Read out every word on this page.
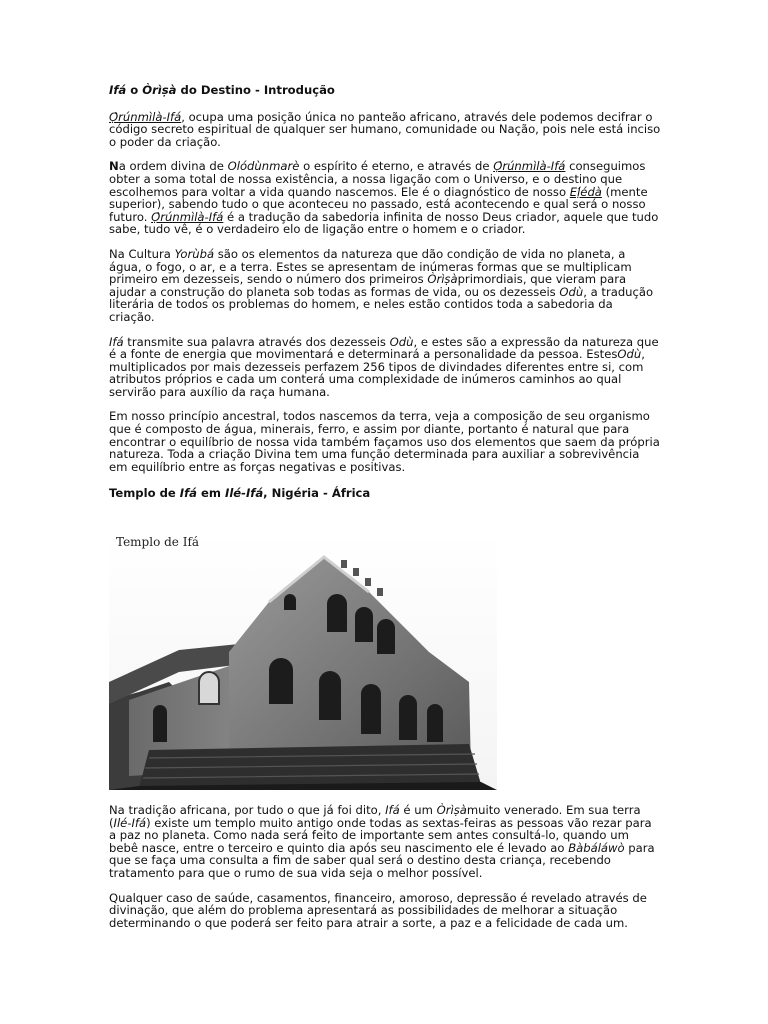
Ifá o Òrìṣà do Destino - Introdução

Ọ̀rúnmìlà-Ifá, ocupa uma posição única no panteão africano, através dele podemos decifrar o código secreto espiritual de qualquer ser humano, comunidade ou Nação, pois nele está inciso o poder da criação.

Na ordem divina de Olódùnmarè o espírito é eterno, e através de Ọ̀rúnmìlà-Ifá conseguimos obter a soma total de nossa existência, a nossa ligação com o Universo, e o destino que escolhemos para voltar a vida quando nascemos. Ele é o diagnóstico de nosso Eḷ́édà (mente superior), sabendo tudo o que aconteceu no passado, está acontecendo e qual será o nosso futuro. Ọ̀rúnmìlà-Ifá é a tradução da sabedoria infinita de nosso Deus criador, aquele que tudo sabe, tudo vê, é o verdadeiro elo de ligação entre o homem e o criador.

Na Cultura Yorùbá são os elementos da natureza que dão condição de vida no planeta, a água, o fogo, o ar, e a terra. Estes se apresentam de inúmeras formas que se multiplicam primeiro em dezesseis, sendo o número dos primeiros Òrìṣàprimordiais, que vieram para ajudar a construção do planeta sob todas as formas de vida, ou os dezesseis Odù, a tradução literária de todos os problemas do homem, e neles estão contidos toda a sabedoria da criação.

Ifá transmite sua palavra através dos dezesseis Odù, e estes são a expressão da natureza que é a fonte de energia que movimentará e determinará a personalidade da pessoa. EstesOdù, multiplicados por mais dezesseis perfazem 256 tipos de divindades diferentes entre si, com atributos próprios e cada um conterá uma complexidade de inúmeros caminhos ao qual servirão para auxílio da raça humana.

Em nosso princípio ancestral, todos nascemos da terra, veja a composição de seu organismo que é composto de água, minerais, ferro, e assim por diante, portanto é natural que para encontrar o equilíbrio de nossa vida também façamos uso dos elementos que saem da própria natureza. Toda a criação Divina tem uma função determinada para auxiliar a sobrevivência em equilíbrio entre as forças negativas e positivas.

Templo de Ifá em Ilé-Ifá, Nigéria - África
Templo de Ifá

Na tradição africana, por tudo o que já foi dito, Ifá é um Òrìṣàmuito venerado. Em sua terra (Ilé-Ifá) existe um templo muito antigo onde todas as sextas-feiras as pessoas vão rezar para a paz no planeta. Como nada será feito de importante sem antes consultá-lo, quando um bebê nasce, entre o terceiro e quinto dia após seu nascimento ele é levado ao Bàbáláwò para que se faça uma consulta a fim de saber qual será o destino desta criança, recebendo tratamento para que o rumo de sua vida seja o melhor possível.

Qualquer caso de saúde, casamentos, financeiro, amoroso, depressão é revelado através de divinação, que além do problema apresentará as possibilidades de melhorar a situação determinando o que poderá ser feito para atrair a sorte, a paz e a felicidade de cada um.
